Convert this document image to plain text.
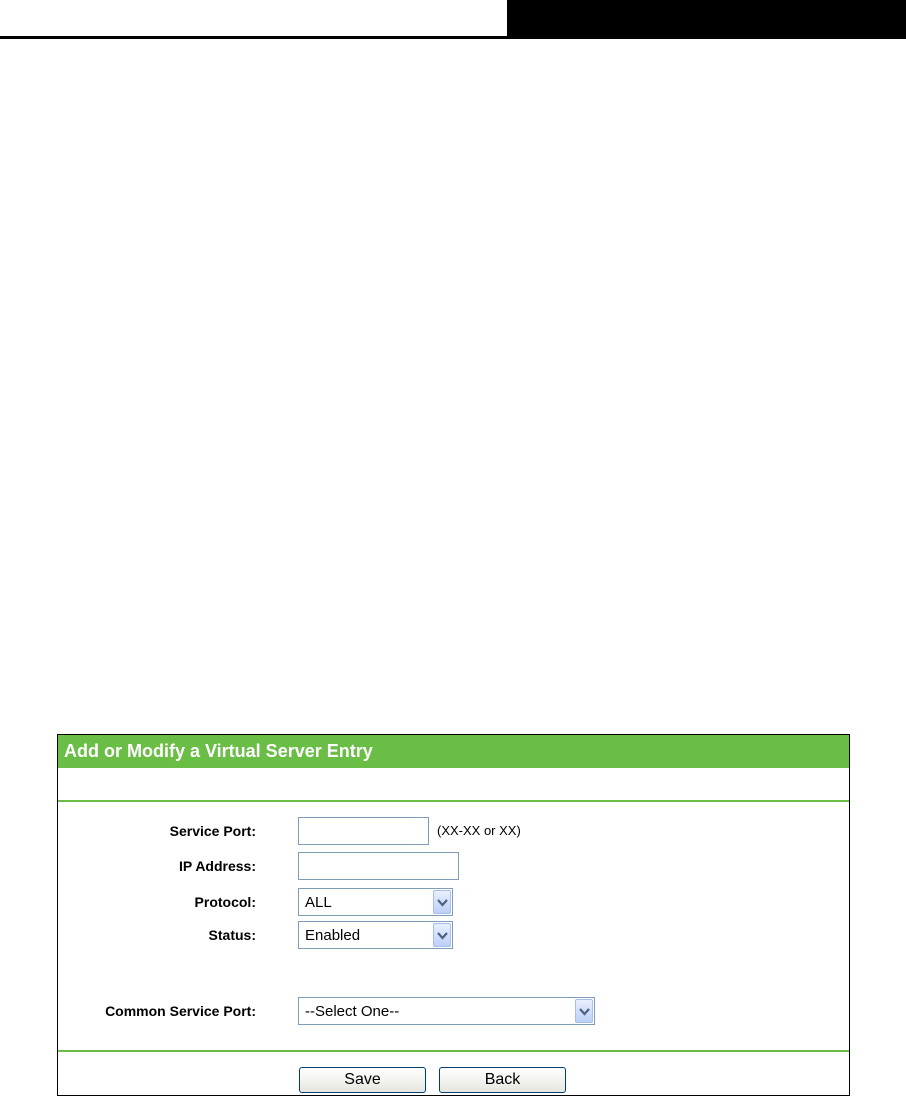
Add or Modify a Virtual Server Entry
Service Port:	(XX-XX or XX)
IP Address:
Protocol:	ALL
Status:	Enabled
Common Service Port:	--Select One--
Save	Back
